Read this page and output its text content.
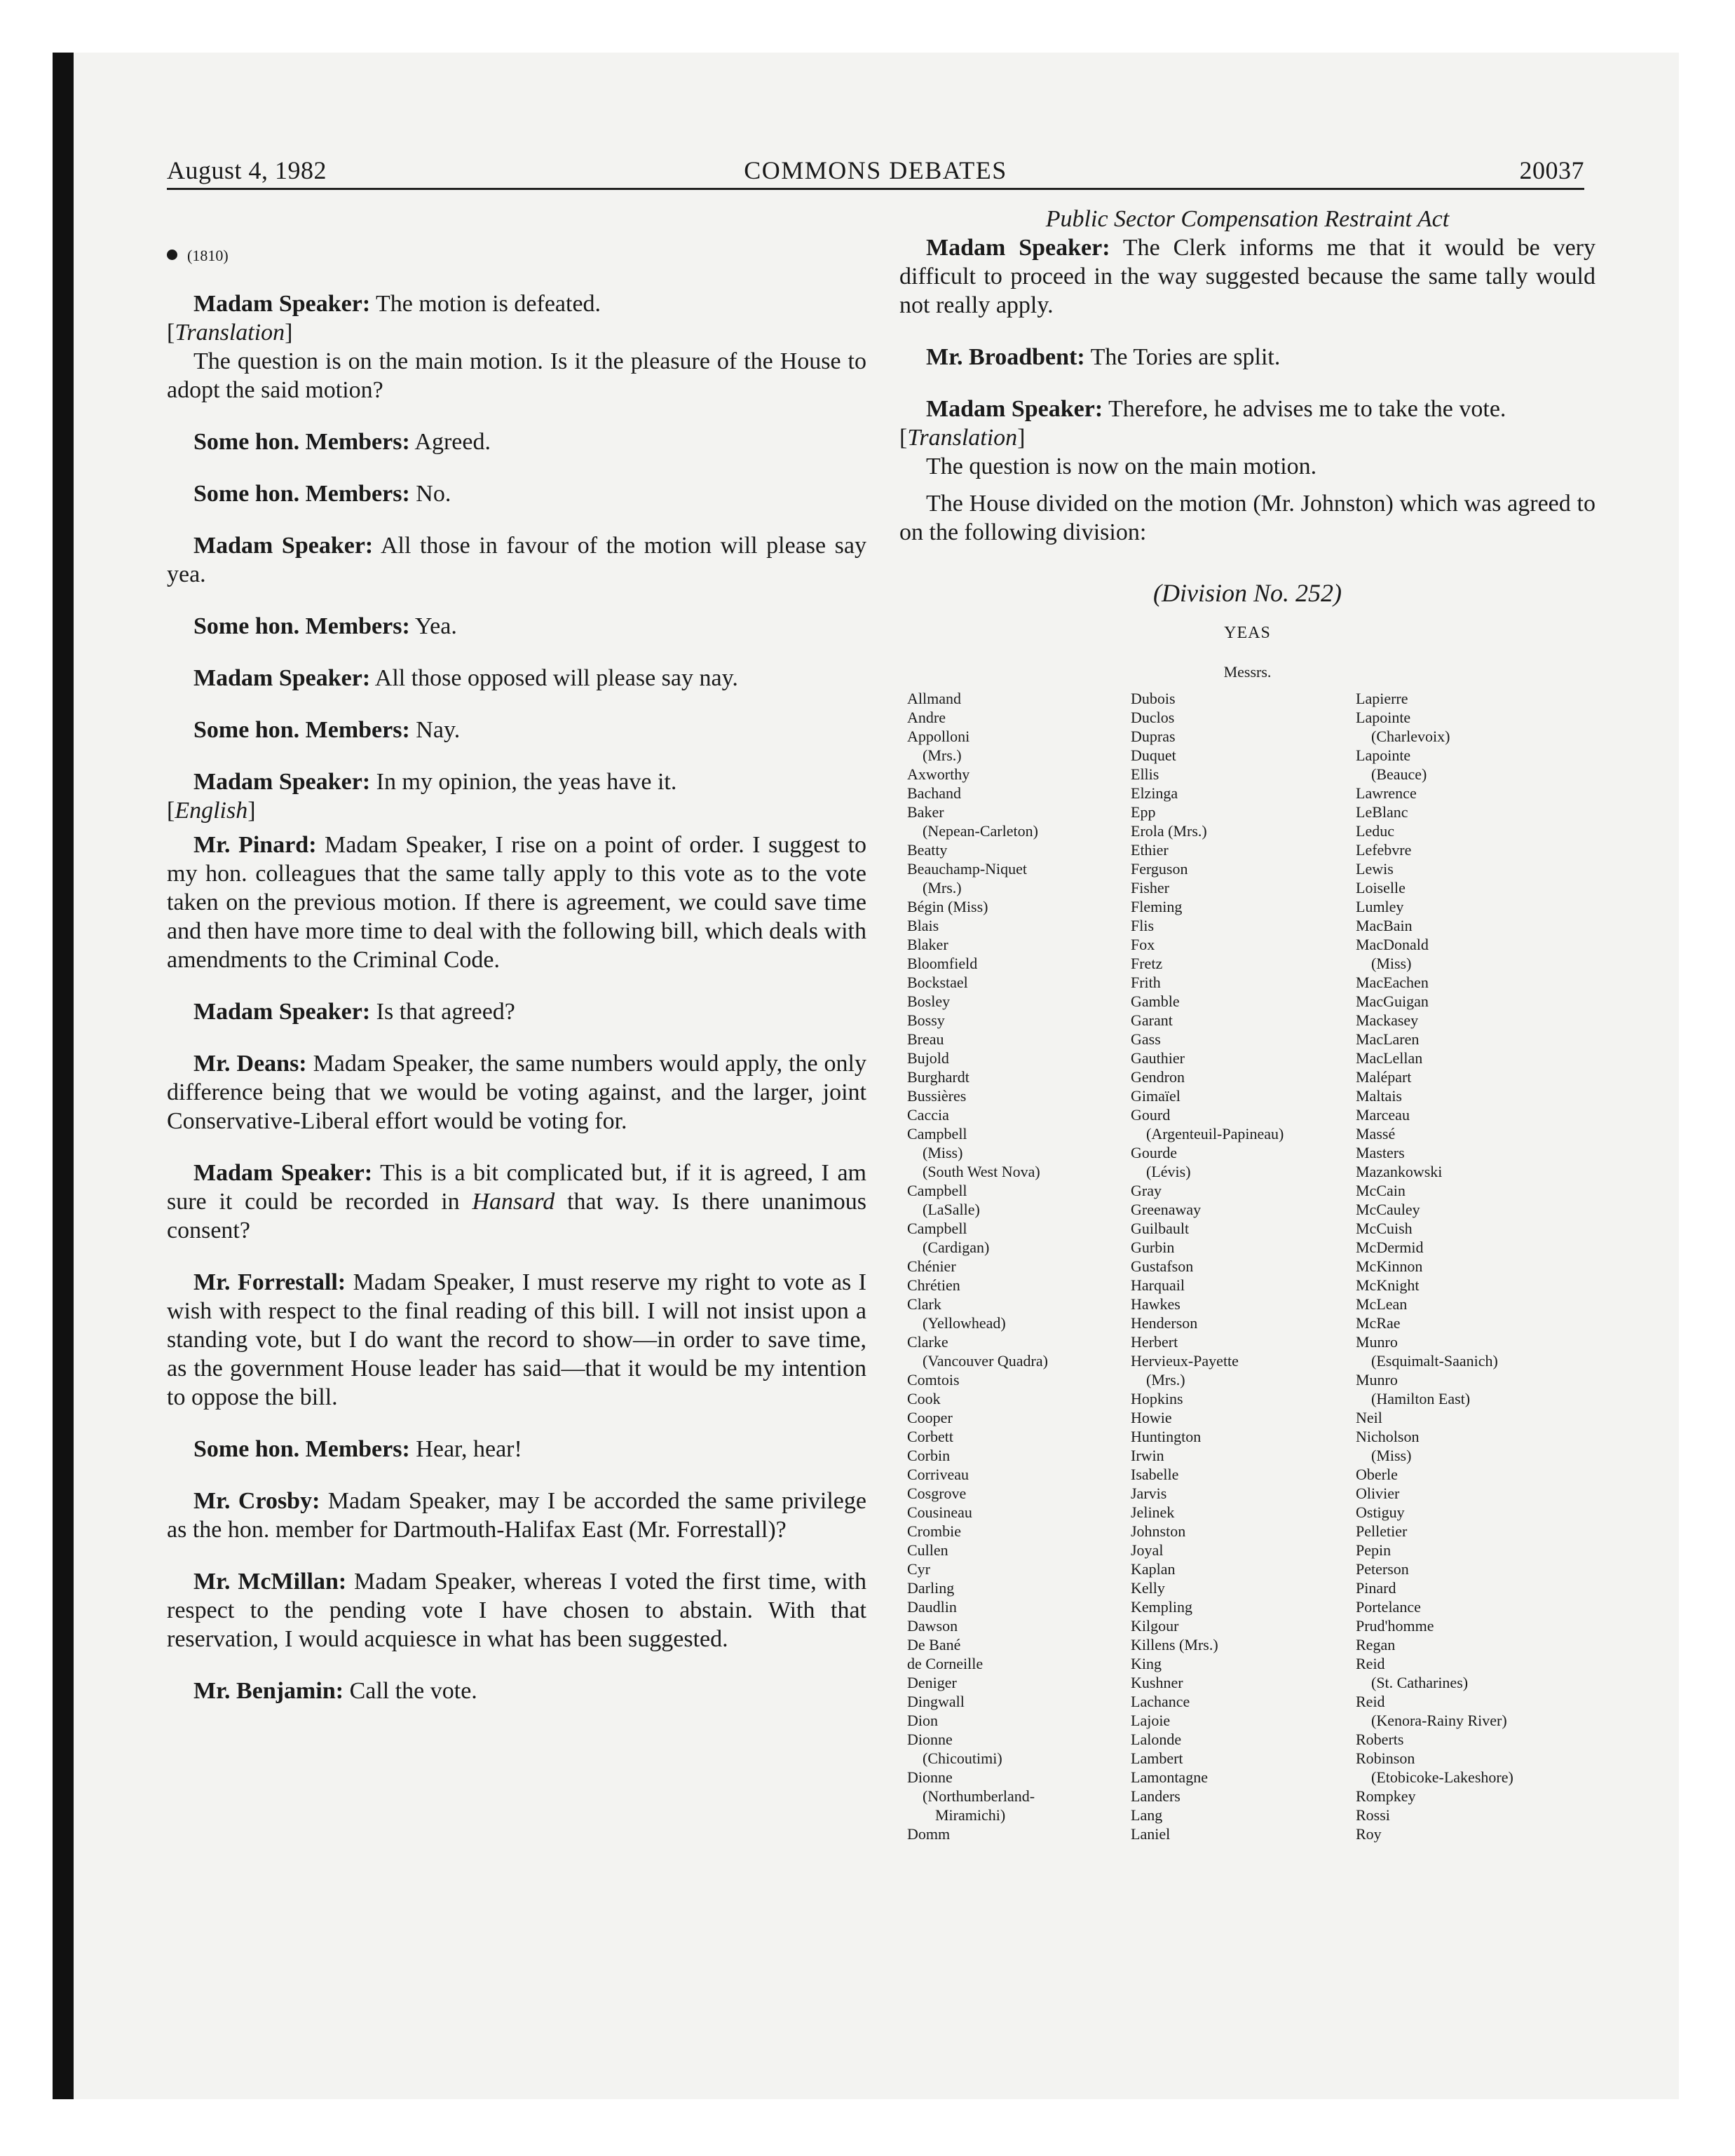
August 4, 1982	COMMONS DEBATES	20037
(1810)

Madam Speaker: The motion is defeated.

[Translation]

The question is on the main motion. Is it the pleasure of the House to adopt the said motion?

Some hon. Members: Agreed.

Some hon. Members: No.

Madam Speaker: All those in favour of the motion will please say yea.

Some hon. Members: Yea.

Madam Speaker: All those opposed will please say nay.

Some hon. Members: Nay.

Madam Speaker: In my opinion, the yeas have it.

[English]

Mr. Pinard: Madam Speaker, I rise on a point of order. I suggest to my hon. colleagues that the same tally apply to this vote as to the vote taken on the previous motion. If there is agreement, we could save time and then have more time to deal with the following bill, which deals with amendments to the Criminal Code.

Madam Speaker: Is that agreed?

Mr. Deans: Madam Speaker, the same numbers would apply, the only difference being that we would be voting against, and the larger, joint Conservative-Liberal effort would be voting for.

Madam Speaker: This is a bit complicated but, if it is agreed, I am sure it could be recorded in Hansard that way. Is there unanimous consent?

Mr. Forrestall: Madam Speaker, I must reserve my right to vote as I wish with respect to the final reading of this bill. I will not insist upon a standing vote, but I do want the record to show—in order to save time, as the government House leader has said—that it would be my intention to oppose the bill.

Some hon. Members: Hear, hear!

Mr. Crosby: Madam Speaker, may I be accorded the same privilege as the hon. member for Dartmouth-Halifax East (Mr. Forrestall)?

Mr. McMillan: Madam Speaker, whereas I voted the first time, with respect to the pending vote I have chosen to abstain. With that reservation, I would acquiesce in what has been suggested.

Mr. Benjamin: Call the vote.

Public Sector Compensation Restraint Act

Madam Speaker: The Clerk informs me that it would be very difficult to proceed in the way suggested because the same tally would not really apply.

Mr. Broadbent: The Tories are split.

Madam Speaker: Therefore, he advises me to take the vote.

[Translation]

The question is now on the main motion.

The House divided on the motion (Mr. Johnston) which was agreed to on the following division:

(Division No. 252)

YEAS
Messrs.
Allmand
Andre
Appolloni
(Mrs.)
Axworthy
Bachand
Baker
(Nepean-Carleton)
Beatty
Beauchamp-Niquet
(Mrs.)
Bégin (Miss)
Blais
Blaker
Bloomfield
Bockstael
Bosley
Bossy
Breau
Bujold
Burghardt
Bussières
Caccia
Campbell
(Miss)
(South West Nova)
Campbell
(LaSalle)
Campbell
(Cardigan)
Chénier
Chrétien
Clark
(Yellowhead)
Clarke
(Vancouver Quadra)
Comtois
Cook
Cooper
Corbett
Corbin
Corriveau
Cosgrove
Cousineau
Crombie
Cullen
Cyr
Darling
Daudlin
Dawson
De Bané
de Corneille
Deniger
Dingwall
Dion
Dionne
(Chicoutimi)
Dionne
(Northumberland-
Miramichi)
Domm
Dubois
Duclos
Dupras
Duquet
Ellis
Elzinga
Epp
Erola (Mrs.)
Ethier
Ferguson
Fisher
Fleming
Flis
Fox
Fretz
Frith
Gamble
Garant
Gass
Gauthier
Gendron
Gimaïel
Gourd
(Argenteuil-Papineau)
Gourde
(Lévis)
Gray
Greenaway
Guilbault
Gurbin
Gustafson
Harquail
Hawkes
Henderson
Herbert
Hervieux-Payette
(Mrs.)
Hopkins
Howie
Huntington
Irwin
Isabelle
Jarvis
Jelinek
Johnston
Joyal
Kaplan
Kelly
Kempling
Kilgour
Killens (Mrs.)
King
Kushner
Lachance
Lajoie
Lalonde
Lambert
Lamontagne
Landers
Lang
Laniel
Lapierre
Lapointe
(Charlevoix)
Lapointe
(Beauce)
Lawrence
LeBlanc
Leduc
Lefebvre
Lewis
Loiselle
Lumley
MacBain
MacDonald
(Miss)
MacEachen
MacGuigan
Mackasey
MacLaren
MacLellan
Malépart
Maltais
Marceau
Massé
Masters
Mazankowski
McCain
McCauley
McCuish
McDermid
McKinnon
McKnight
McLean
McRae
Munro
(Esquimalt-Saanich)
Munro
(Hamilton East)
Neil
Nicholson
(Miss)
Oberle
Olivier
Ostiguy
Pelletier
Pepin
Peterson
Pinard
Portelance
Prud'homme
Regan
Reid
(St. Catharines)
Reid
(Kenora-Rainy River)
Roberts
Robinson
(Etobicoke-Lakeshore)
Rompkey
Rossi
Roy
